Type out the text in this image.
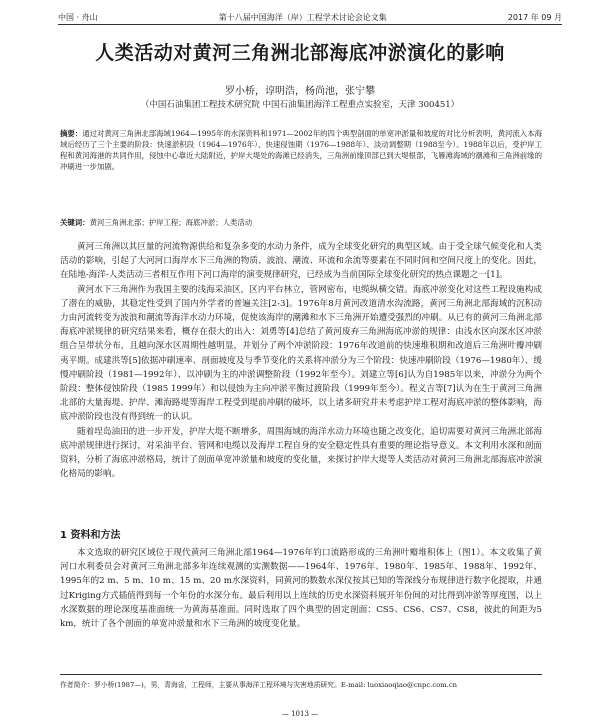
中国 · 舟山	第十八届中国海洋（岸）工程学术讨论会论文集	2017 年 09 月
人类活动对黄河三角洲北部海底冲淤演化的影响
罗小桥，谆明浩，杨尚池，张宁攀
（中国石油集团工程技术研究院 中国石油集团海洋工程重点实验室，天津 300451）
摘要：通过对黄河三角洲北部海域1964—1995年的水深资料和1971—2002年的四个典型剖面的单宽冲淤量和坡度的对比分析表明，黄河流入本海域后经历了三个主要的阶段：快速淤积段（1964—1976年）、快速侵蚀期（1976—1988年）、淡动调整期（1988至今）。1988年以后，受护岸工程和黄河海港的共同作用，侵蚀中心靠近大陆附近，护岸大堤处的海滩已经消失，三角洲前缘顶部已到大堤根部，飞雁滩海域的潮滩和三角洲前缘的冲刷进一步加剧。
关键词：黄河三角洲北部；护岸工程；海底冲淤；人类活动

黄河三角洲以其巨量的河流物源供给和复杂多变的水动力条件，成为全球变化研究的典型区域。由于受全球气候变化和人类活动的影响，引起了大河河口海岸水下三角洲的物质、波浪、潮流、环流和余流等要素在不同时间和空间尺度上的变化。因此，在陆地-海洋-人类活动三者相互作用下河口海岸的演变规律研究，已经成为当前国际全球变化研究的热点课题之一[1]。

黄河水下三角洲作为我国主要的浅海采油区，区内平台林立，管网密布，电缆纵横交错。海底冲淤变化对这些工程设施构成了潜在的威胁，其稳定性受到了国内外学者的普遍关注[2-3]。1976年8月黄河改道清水沟流路，黄河三角洲北部海域的沉积动力由河流转变为波浪和潮流等海洋水动力环境，促使该海岸的潮滩和水下三角洲开始遭受强烈的冲刷。从已有的黄河三角洲北部海底冲淤规律的研究结果来看，概存在很大的出入：刘勇等[4]总结了黄河废弃三角洲海底冲淤的规律：由浅水区向深水区冲淤组合呈带状分布，且越向深水区周期性越明显，并划分了两个冲淤阶段：1976年改道前的快速堆积期和改道后三角洲叶瓣冲刷夷平期。成建洪等[5]依据冲刷速率、剖面坡度及与季节变化的关系将冲淤分为三个阶段：快速冲刷阶段（1976—1980年）、缓慢冲刷阶段（1981—1992年）、以冲刷为主的冲淤调整阶段（1992年至今）。刘建立等[6]认为自1985年以来，冲淤分为两个阶段：整体侵蚀阶段（1985 1999年）和以侵蚀为主向冲淤平衡过渡阶段（1999年至今）。程义吉等[7]认为在生于黄河三角洲北部的大量海堤、护岸、滩海路堤等海岸工程受到堤前冲刷的破坏，以上诸多研究并未考虑护岸工程对海底冲淤的整体影响，海底冲淤阶段也没有得到统一的认识。

随着埕岛油田的进一步开发，护岸大堤不断增多，周围海域的海洋水动力环境也随之改变化，追切需要对黄河三角洲北部海底冲淤规律进行探讨，对采油平台、管网和电缆以及海岸工程自身的安全稳定性具有重要的理论指导意义。本文利用水深和剖面资料，分析了海底冲淤格局，统计了剖面单宽冲淤量和坡度的变化量，来探讨护岸大堤等人类活动对黄河三角洲北部海底冲淤演化格局的影响。

1 资料和方法

本文选取的研究区域位于现代黄河三角洲北部1964—1976年钓口流路形成的三角洲叶瓣堆积体上（图1）。本文收集了黄河口水利委员会对黄河三角洲北部多年连续观测的实测数据——1964年、1976年、1980年、1985年、1988年、1992年、1995年的2 m、5 m、10 m、15 m、20 m水深资料，同黄河的数数水深仪按其已知的等深线分布规律进行数字化提取，并通过Kriging方式插值得到每一个年份的水深分布。最后利用以上连续的历史水深资料展开年份间的对比得到冲淤等厚度图，以上水深数据的理论深度基准面统一为黄海基准面。同时选取了四个典型的固定剖面：CS5、CS6、CS7、CS8，彼此的间距为5 km，统计了各个剖面的单宽冲淤量和水下三角洲的坡度变化量。

作者简介：罗小桥(1987—)，男，青海省，工程师，主要从事海洋工程环境与灾害地质研究。E-mail: luoxiaoqiao@cnpc.com.cn
— 1013 —
